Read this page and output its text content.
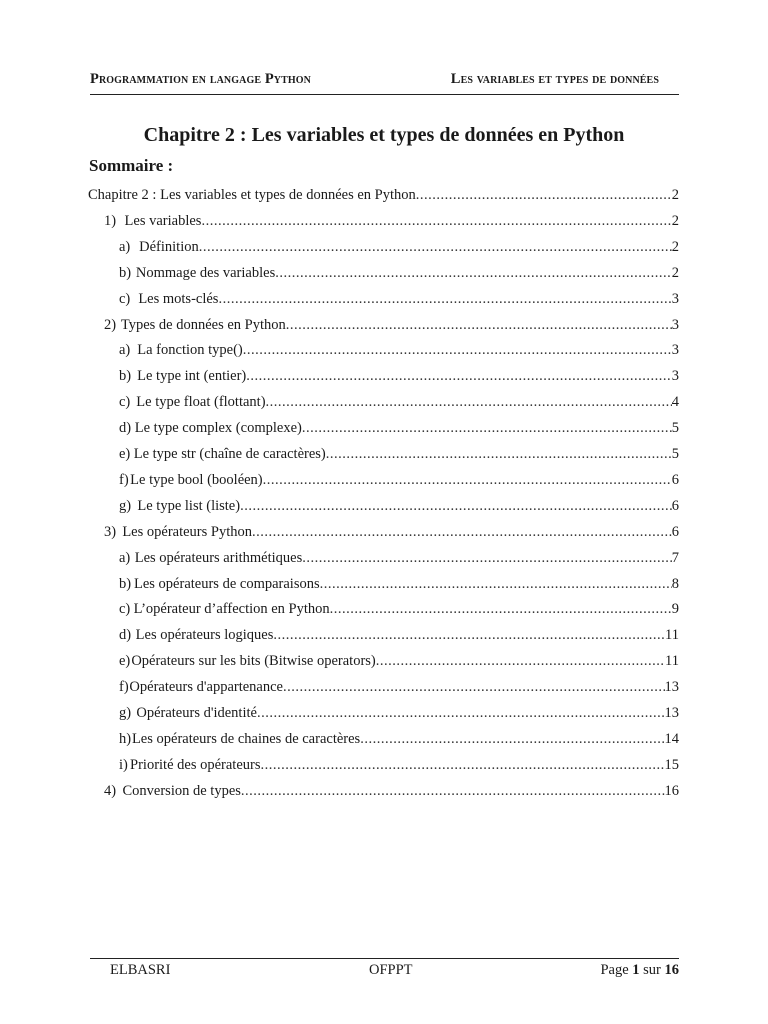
Programmation en langage Python	Les variables et types de données
Chapitre 2 : Les variables et types de données en Python
Sommaire :
Chapitre 2 : Les variables et types de données en Python .....	2
1) Les variables .....	2
a) Définition .....	2
b) Nommage des variables .....	2
c) Les mots-clés .....	3
2) Types de données en Python .....	3
a) La fonction type() .....	3
b) Le type int (entier) .....	3
c) Le type float (flottant) .....	4
d) Le type complex (complexe) .....	5
e) Le type str (chaîne de caractères) .....	5
f) Le type bool (booléen) .....	6
g) Le type list (liste) .....	6
3) Les opérateurs Python .....	6
a) Les opérateurs arithmétiques .....	7
b) Les opérateurs de comparaisons .....	8
c) L’opérateur d’affection en Python .....	9
d) Les opérateurs logiques .....	11
e) Opérateurs sur les bits (Bitwise operators) .....	11
f) Opérateurs d'appartenance .....	13
g) Opérateurs d'identité .....	13
h) Les opérateurs de chaines de caractères .....	14
i) Priorité des opérateurs .....	15
4) Conversion de types .....	16
ELBASRI	OFPPT	Page 1 sur 16
